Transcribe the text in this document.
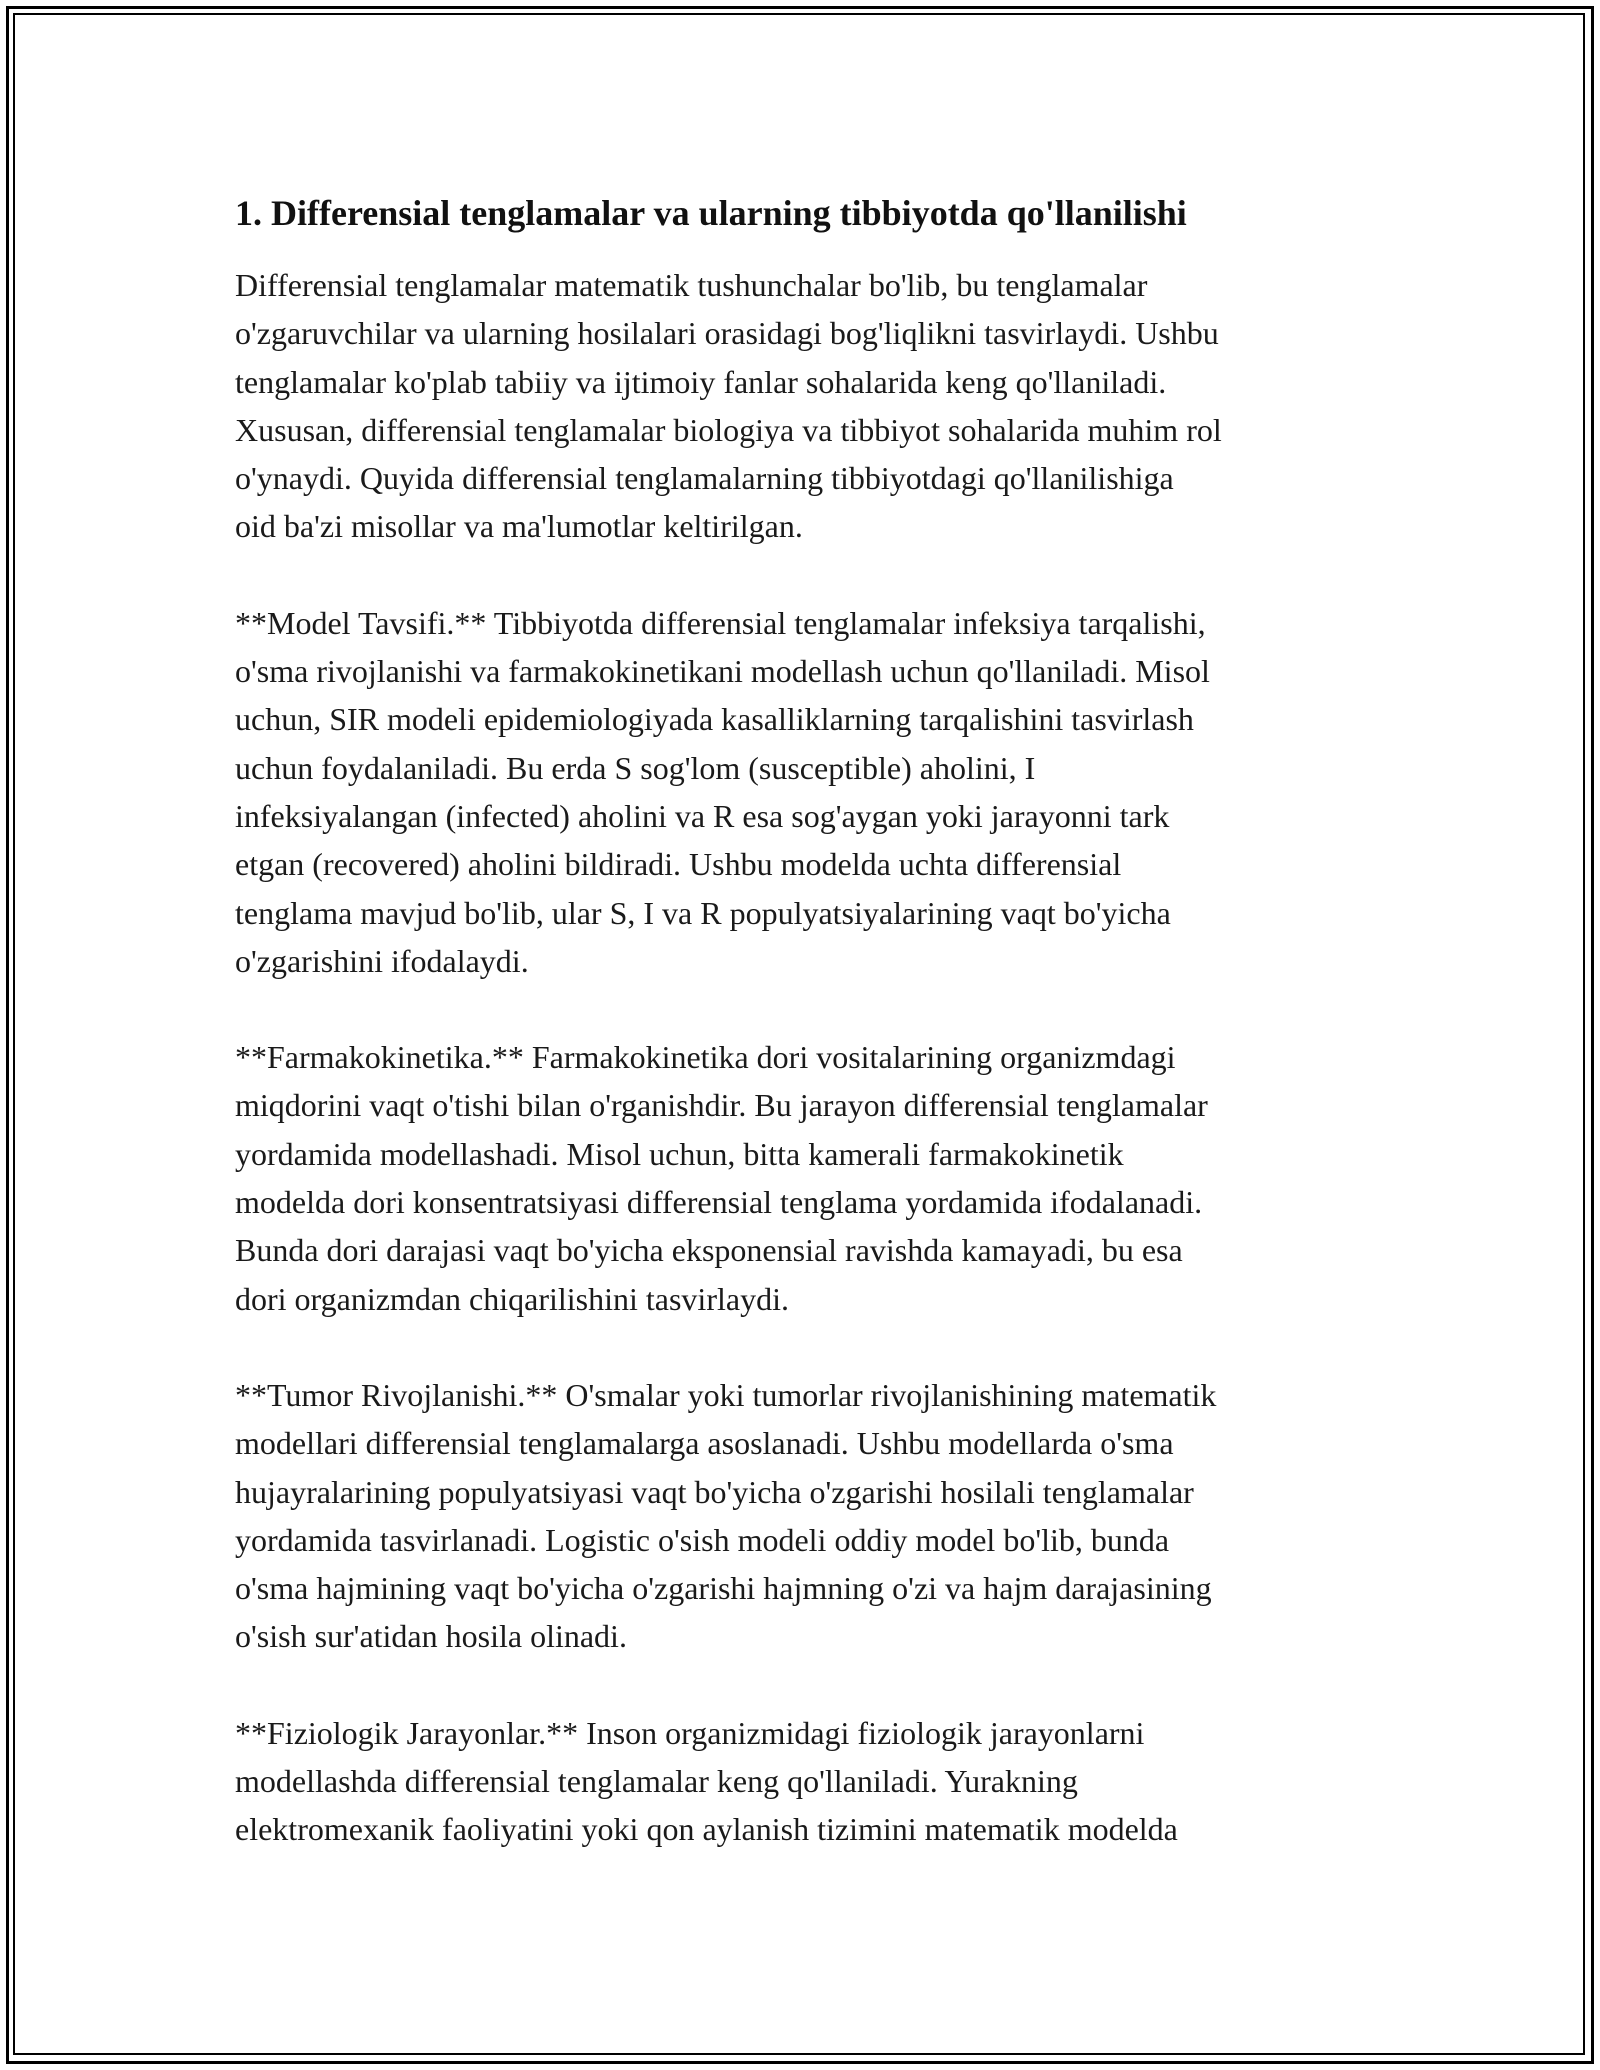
1. Differensial tenglamalar va ularning tibbiyotda qo'llanilishi

Differensial tenglamalar matematik tushunchalar bo'lib, bu tenglamalar
o'zgaruvchilar va ularning hosilalari orasidagi bog'liqlikni tasvirlaydi. Ushbu
tenglamalar ko'plab tabiiy va ijtimoiy fanlar sohalarida keng qo'llaniladi.
Xususan, differensial tenglamalar biologiya va tibbiyot sohalarida muhim rol
o'ynaydi. Quyida differensial tenglamalarning tibbiyotdagi qo'llanilishiga
oid ba'zi misollar va ma'lumotlar keltirilgan.

**Model Tavsifi.** Tibbiyotda differensial tenglamalar infeksiya tarqalishi,
o'sma rivojlanishi va farmakokinetikani modellash uchun qo'llaniladi. Misol
uchun, SIR modeli epidemiologiyada kasalliklarning tarqalishini tasvirlash
uchun foydalaniladi. Bu erda S sog'lom (susceptible) aholini, I
infeksiyalangan (infected) aholini va R esa sog'aygan yoki jarayonni tark
etgan (recovered) aholini bildiradi. Ushbu modelda uchta differensial
tenglama mavjud bo'lib, ular S, I va R populyatsiyalarining vaqt bo'yicha
o'zgarishini ifodalaydi.

**Farmakokinetika.** Farmakokinetika dori vositalarining organizmdagi
miqdorini vaqt o'tishi bilan o'rganishdir. Bu jarayon differensial tenglamalar
yordamida modellashadi. Misol uchun, bitta kamerali farmakokinetik
modelda dori konsentratsiyasi differensial tenglama yordamida ifodalanadi.
Bunda dori darajasi vaqt bo'yicha eksponensial ravishda kamayadi, bu esa
dori organizmdan chiqarilishini tasvirlaydi.

**Tumor Rivojlanishi.** O'smalar yoki tumorlar rivojlanishining matematik
modellari differensial tenglamalarga asoslanadi. Ushbu modellarda o'sma
hujayralarining populyatsiyasi vaqt bo'yicha o'zgarishi hosilali tenglamalar
yordamida tasvirlanadi. Logistic o'sish modeli oddiy model bo'lib, bunda
o'sma hajmining vaqt bo'yicha o'zgarishi hajmning o'zi va hajm darajasining
o'sish sur'atidan hosila olinadi.

**Fiziologik Jarayonlar.** Inson organizmidagi fiziologik jarayonlarni
modellashda differensial tenglamalar keng qo'llaniladi. Yurakning
elektromexanik faoliyatini yoki qon aylanish tizimini matematik modelda
